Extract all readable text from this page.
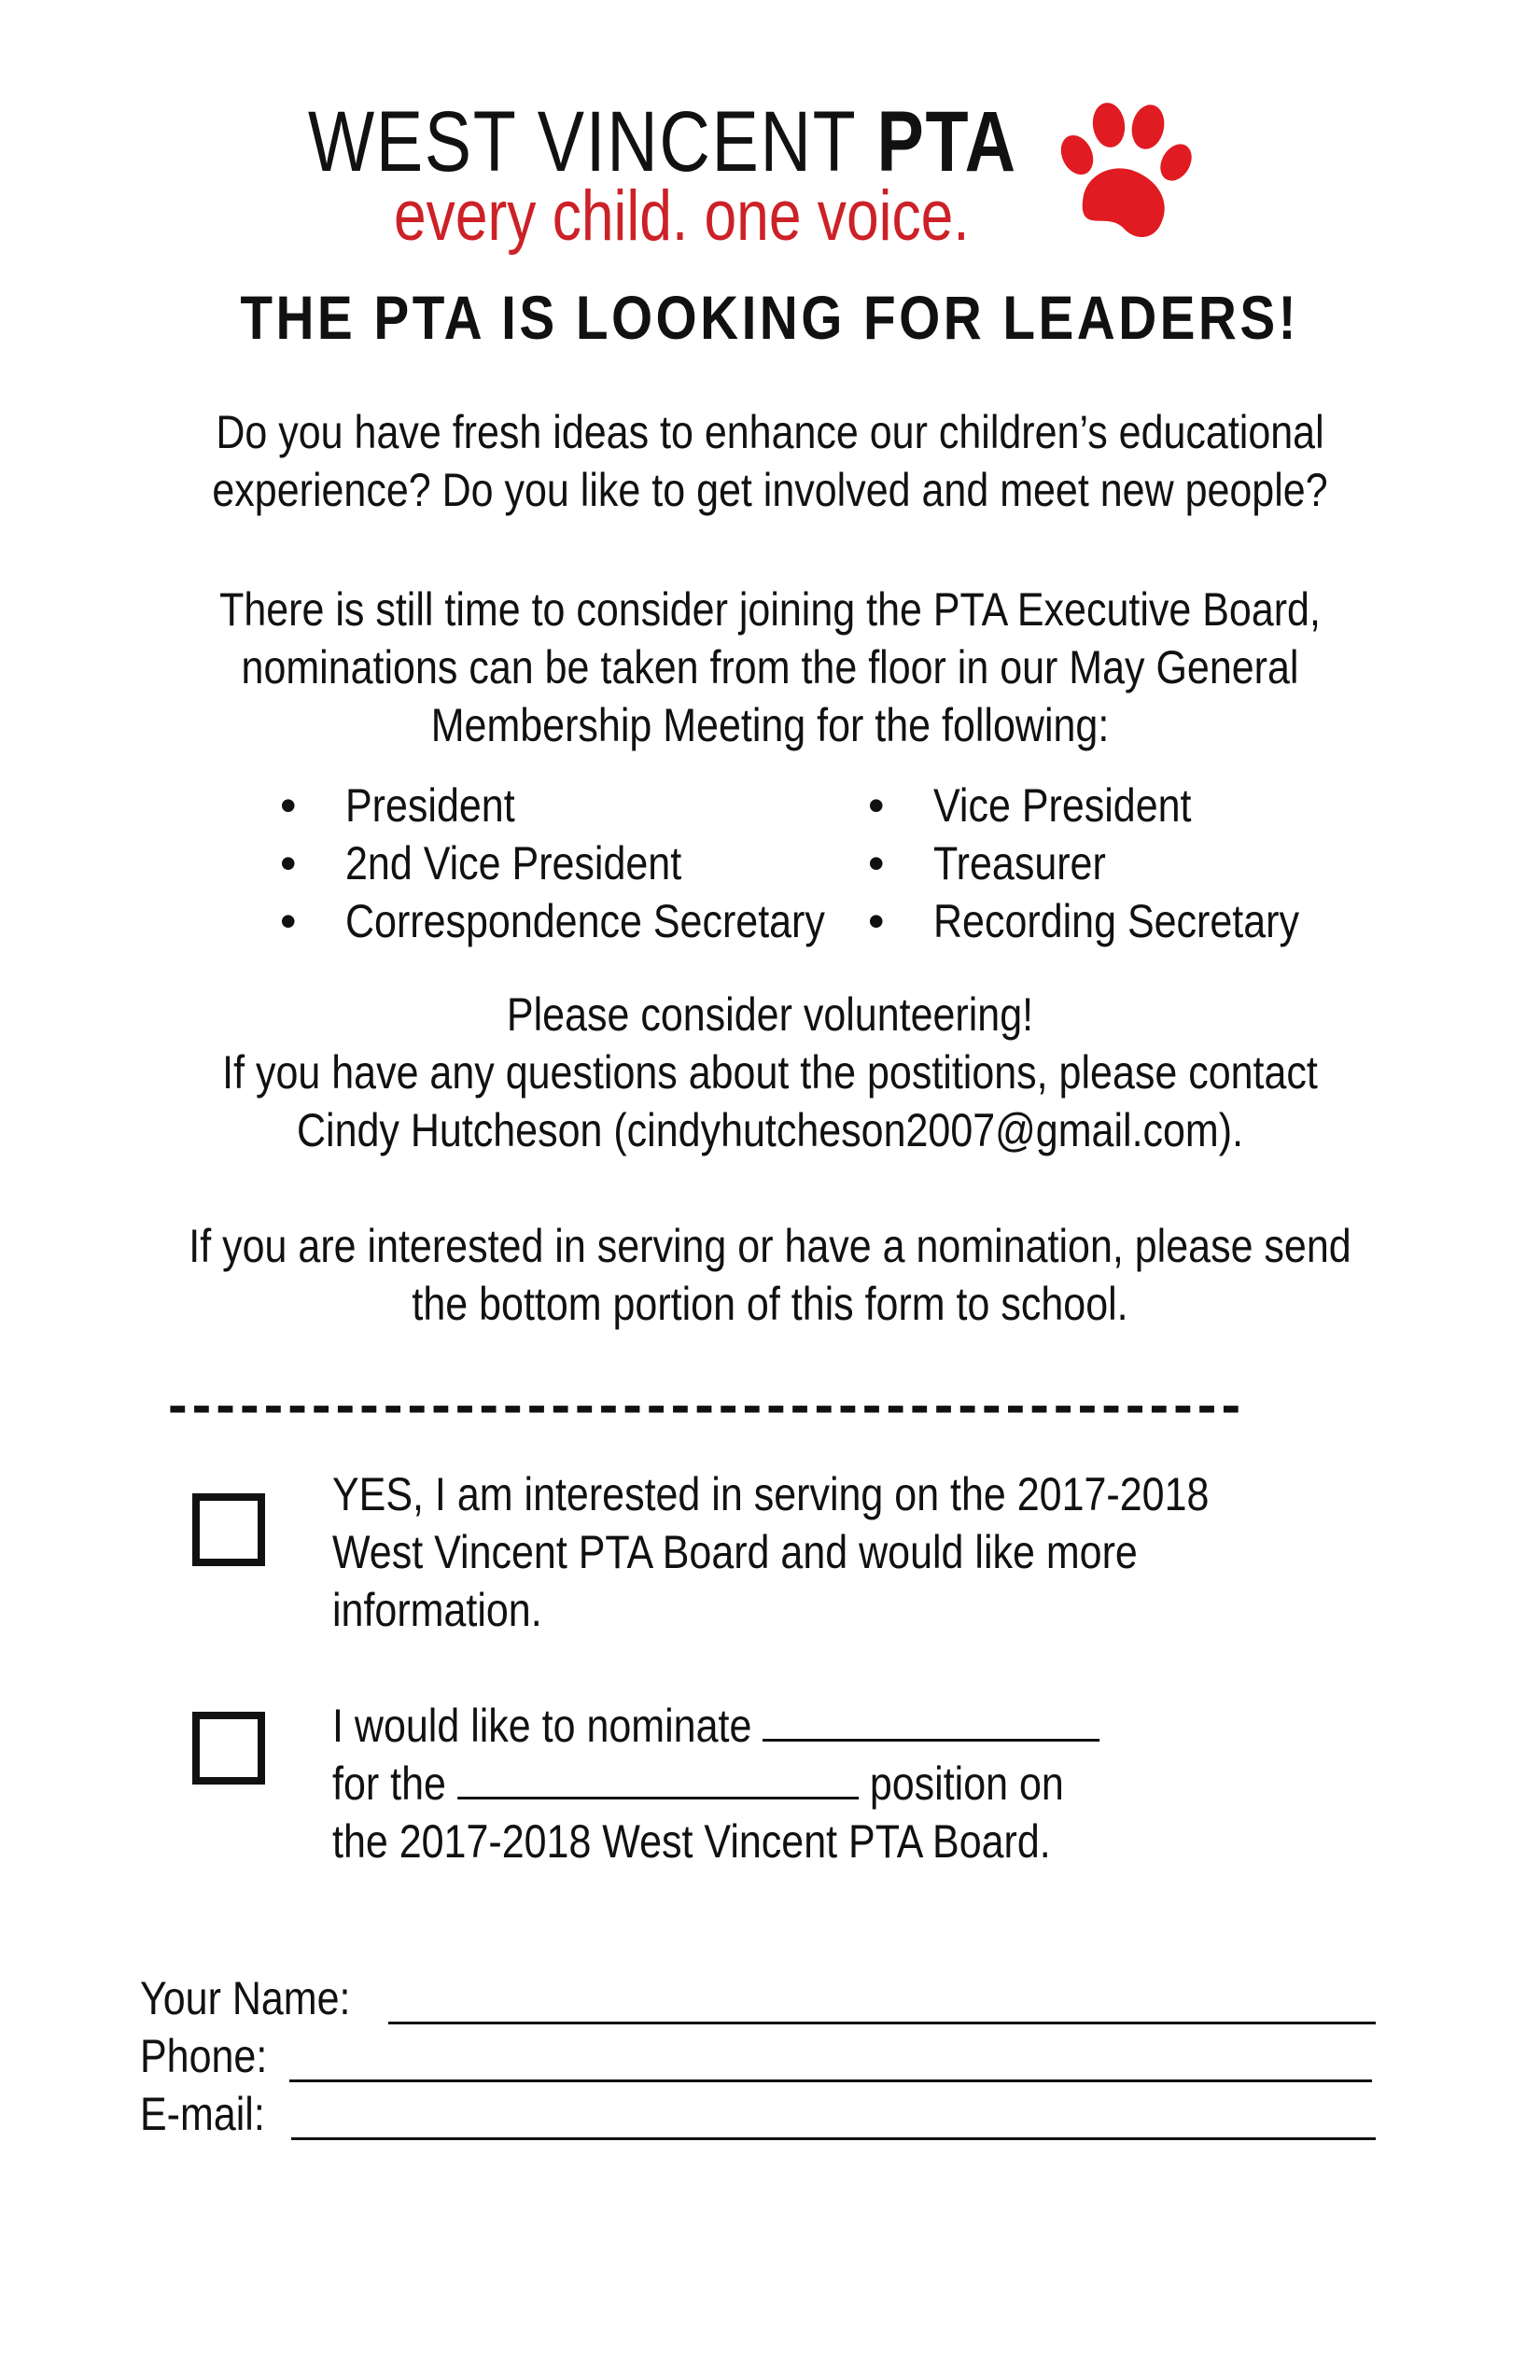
WEST VINCENT PTA
every child. one voice.
THE PTA IS LOOKING FOR LEADERS!
Do you have fresh ideas to enhance our children’s educational
experience? Do you like to get involved and meet new people?
There is still time to consider joining the PTA Executive Board,
nominations can be taken from the floor in our May General
Membership Meeting for the following:
• President
• 2nd Vice President
• Correspondence Secretary
• Vice President
• Treasurer
• Recording Secretary
Please consider volunteering!
If you have any questions about the postitions, please contact
Cindy Hutcheson (cindyhutcheson2007@gmail.com).
If you are interested in serving or have a nomination, please send
the bottom portion of this form to school.
---------------------------------------------
YES, I am interested in serving on the 2017-2018
West Vincent PTA Board and would like more
information.
I would like to nominate
for the	position on
the 2017-2018 West Vincent PTA Board.
Your Name:
Phone:
E-mail:
